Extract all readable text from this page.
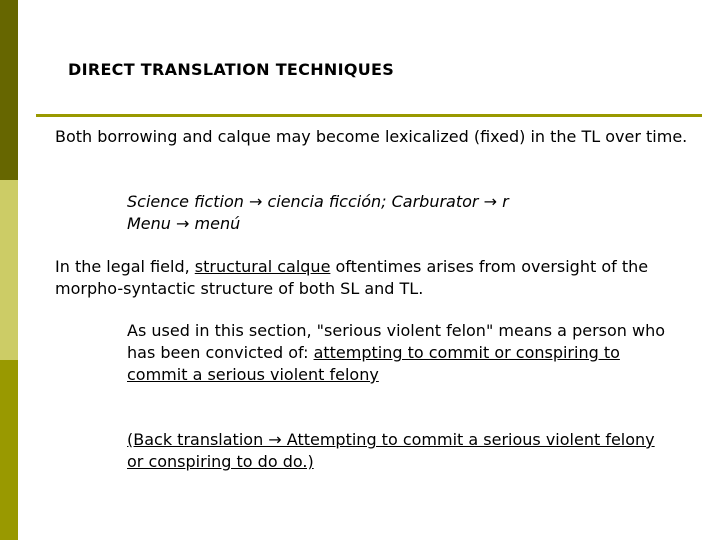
DIRECT TRANSLATION TECHNIQUES
Both borrowing and calque may become lexicalized (fixed) in the TL over time.
Science fiction → ciencia ficción; Carburator → r
Menu → menú
In the legal field, structural calque oftentimes arises from oversight of the morpho-syntactic structure of both SL and TL.
As used in this section, "serious violent felon" means a person who has been convicted of: attempting to commit or conspiring to commit a serious violent felony
(Back translation → Attempting to commit a serious violent felony or conspiring to do do.)
